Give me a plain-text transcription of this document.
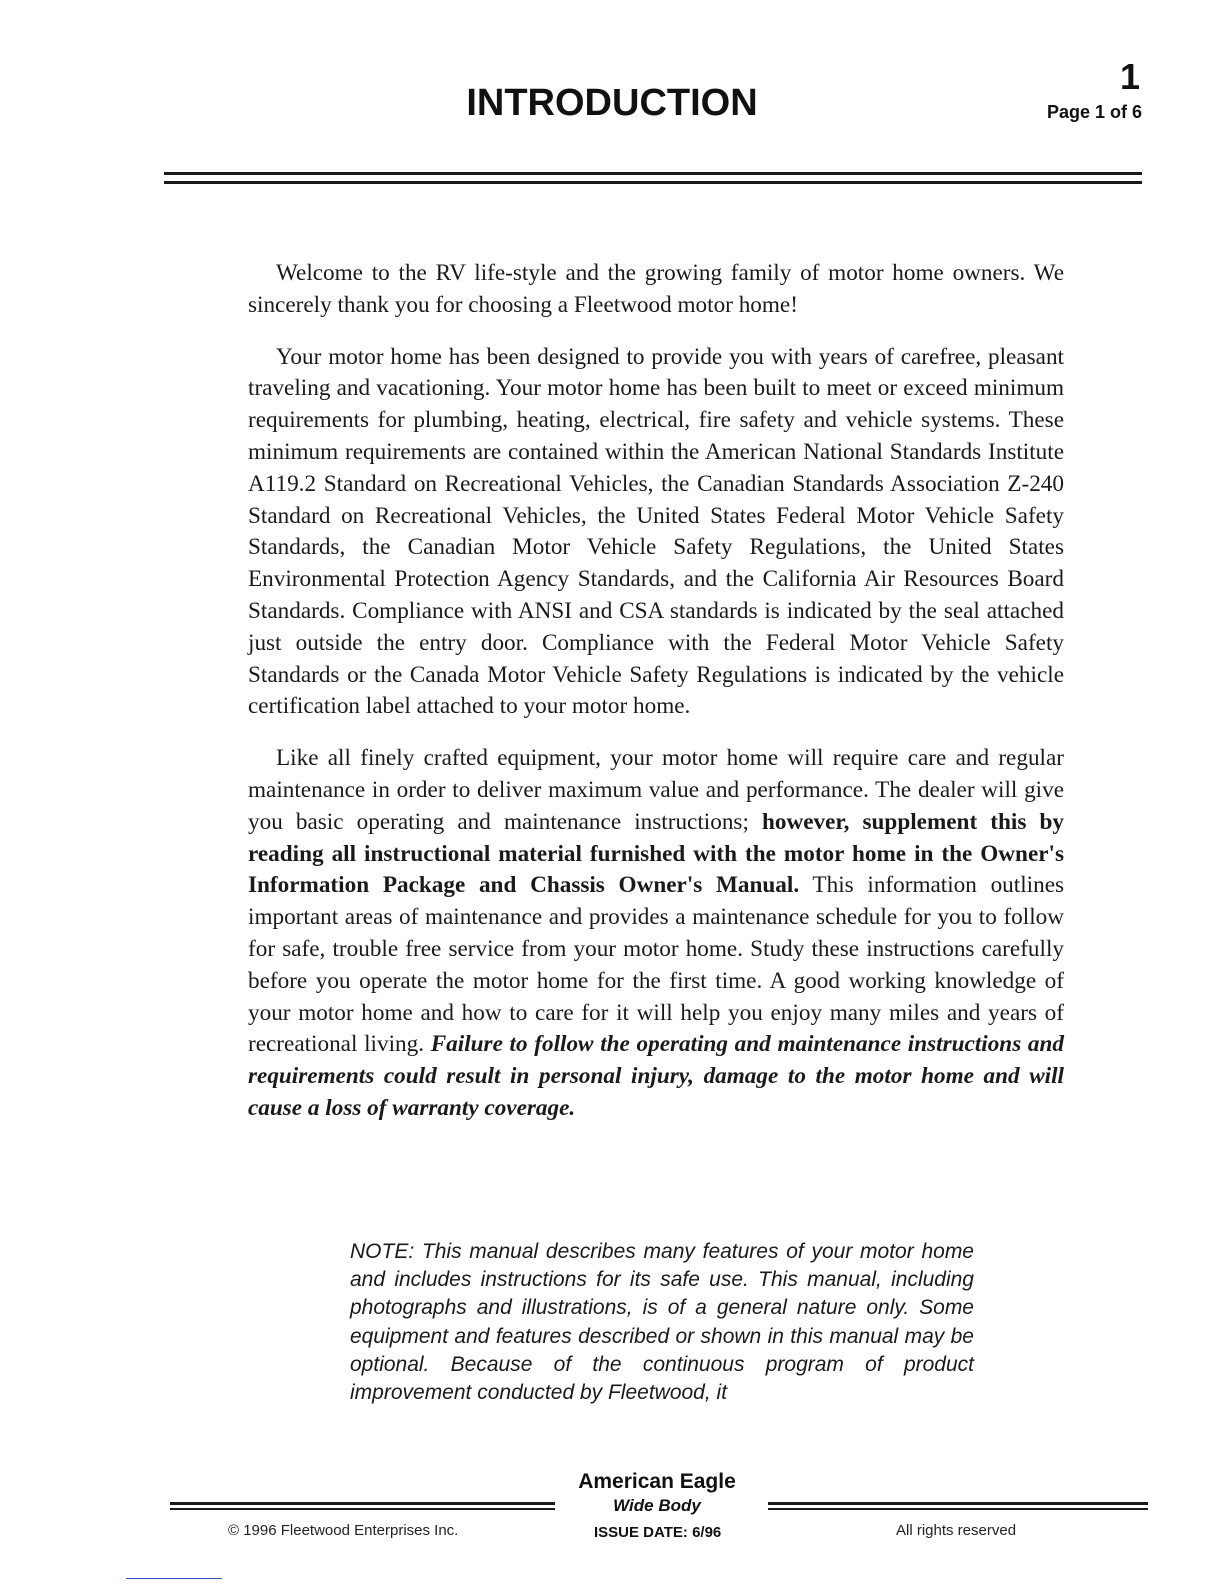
INTRODUCTION
1
Page 1 of 6

Welcome to the RV life-style and the growing family of motor home owners. We sincerely thank you for choosing a Fleetwood motor home!

Your motor home has been designed to provide you with years of carefree, pleasant traveling and vacationing. Your motor home has been built to meet or exceed minimum requirements for plumbing, heating, electrical, fire safety and vehicle systems. These minimum requirements are contained within the American National Standards Institute A119.2 Standard on Recreational Vehicles, the Canadian Standards Association Z-240 Standard on Recreational Vehicles, the United States Federal Motor Vehicle Safety Standards, the Canadian Motor Vehicle Safety Regulations, the United States Environmental Protection Agency Standards, and the California Air Resources Board Standards. Compliance with ANSI and CSA standards is indicated by the seal attached just outside the entry door. Compliance with the Federal Motor Vehicle Safety Standards or the Canada Motor Vehicle Safety Regulations is indicated by the vehicle certification label attached to your motor home.

Like all finely crafted equipment, your motor home will require care and regular maintenance in order to deliver maximum value and performance. The dealer will give you basic operating and maintenance instructions; however, supplement this by reading all instructional material furnished with the motor home in the Owner's Information Package and Chassis Owner's Manual. This information outlines important areas of maintenance and provides a maintenance schedule for you to follow for safe, trouble free service from your motor home. Study these instructions carefully before you operate the motor home for the first time. A good working knowledge of your motor home and how to care for it will help you enjoy many miles and years of recreational living. Failure to follow the operating and maintenance instructions and requirements could result in personal injury, damage to the motor home and will cause a loss of warranty coverage.

NOTE: This manual describes many features of your motor home and includes instructions for its safe use. This manual, including photographs and illustrations, is of a general nature only. Some equipment and features described or shown in this manual may be optional. Because of the continuous program of product improvement conducted by Fleetwood, it
American Eagle
Wide Body
© 1996 Fleetwood Enterprises Inc.	ISSUE DATE: 6/96	All rights reserved
